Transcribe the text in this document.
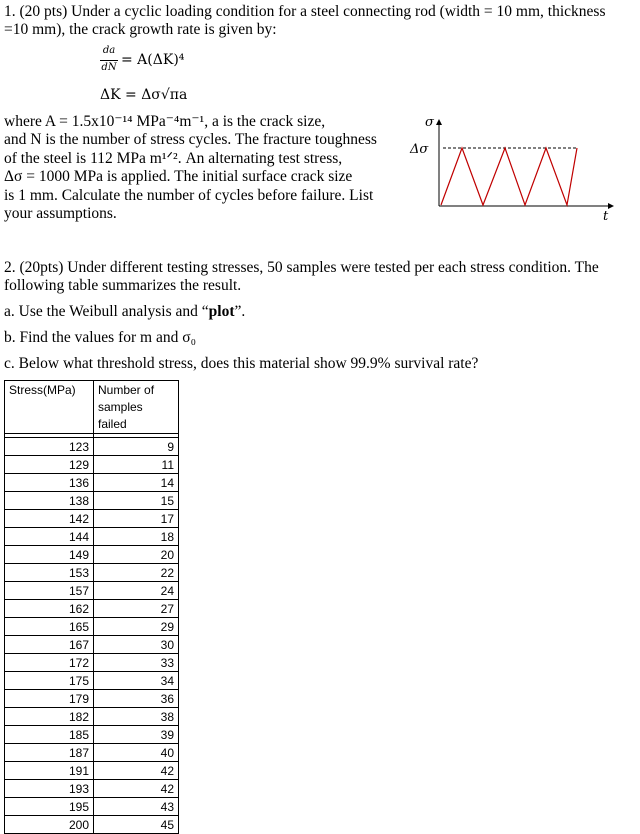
1. (20 pts) Under a cyclic loading condition for a steel connecting rod (width = 10 mm, thickness
=10 mm), the crack growth rate is given by:
da
dN = A(ΔK)⁴
ΔK = Δσ√πa
where A = 1.5x10⁻¹⁴ MPa⁻⁴m⁻¹, a is the crack size,
and N is the number of stress cycles. The fracture toughness
of the steel is 112 MPa m¹ᐟ². An alternating test stress,
Δσ = 1000 MPa is applied. The initial surface crack size
is 1 mm. Calculate the number of cycles before failure. List
your assumptions.
σ
Δσ
t
2. (20pts) Under different testing stresses, 50 samples were tested per each stress condition. The
following table summarizes the result.
a. Use the Weibull analysis and “plot”.
b. Find the values for m and σ₀
c. Below what threshold stress, does this material show 99.9% survival rate?
Stress(MPa)	Number of samples failed

123	9
129	11
136	14
138	15
142	17
144	18
149	20
153	22
157	24
162	27
165	29
167	30
172	33
175	34
179	36
182	38
185	39
187	40
191	42
193	42
195	43
200	45
